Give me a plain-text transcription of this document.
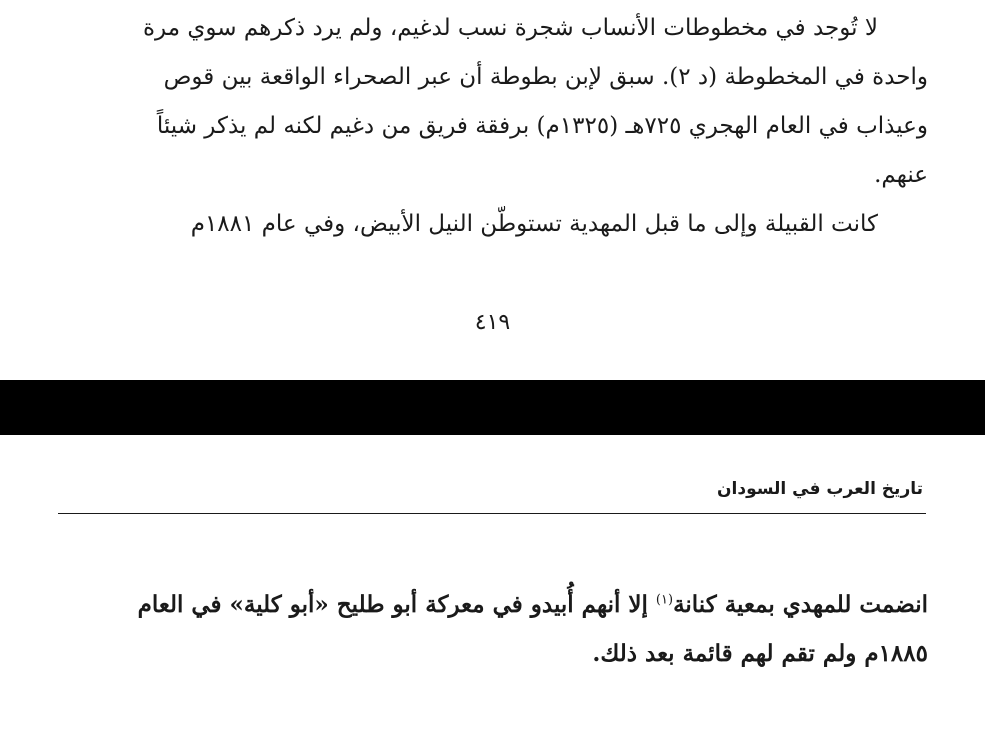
لا تُوجد في مخطوطات الأنساب شجرة نسب لدغيم، ولم يرد ذكرهم سوي مرة

واحدة في المخطوطة (د ٢). سبق لإبن بطوطة أن عبر الصحراء الواقعة بين قوص

وعيذاب في العام الهجري ٧٢٥هـ (١٣٢٥م) برفقة فريق من دغيم لكنه لم يذكر شيئاً

عنهم.

كانت القبيلة وإلى ما قبل المهدية تستوطّن النيل الأبيض، وفي عام ١٨٨١م

٤١٩
تاريخ العرب في السودان

انضمت للمهدي بمعية كنانة$^{(١)}$ إلا أنهم أُبيدو في معركة أبو طليح «أبو كلية» في العام

١٨٨٥م ولم تقم لهم قائمة بعد ذلك.
